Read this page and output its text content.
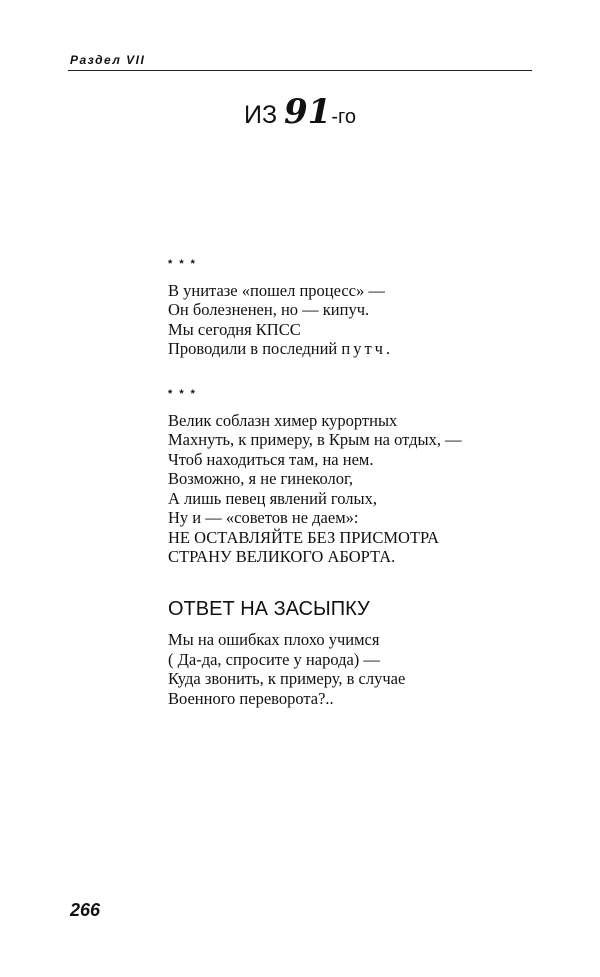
Раздел VII
ИЗ 91-го
* * *
В унитазе «пошел процесс» —
Он болезненен, но — кипуч.
Мы сегодня КПСС
Проводили в последний путч.
* * *
Велик соблазн химер курортных
Махнуть, к примеру, в Крым на отдых, —
Чтоб находиться там, на нем.
Возможно, я не гинеколог,
А лишь певец явлений голых,
Ну и — «советов не даем»:
НЕ ОСТАВЛЯЙТЕ БЕЗ ПРИСМОТРА
СТРАНУ ВЕЛИКОГО АБОРТА.
ОТВЕТ НА ЗАСЫПКУ
Мы на ошибках плохо учимся
( Да-да, спросите у народа) —
Куда звонить, к примеру, в случае
Военного переворота?..
266
